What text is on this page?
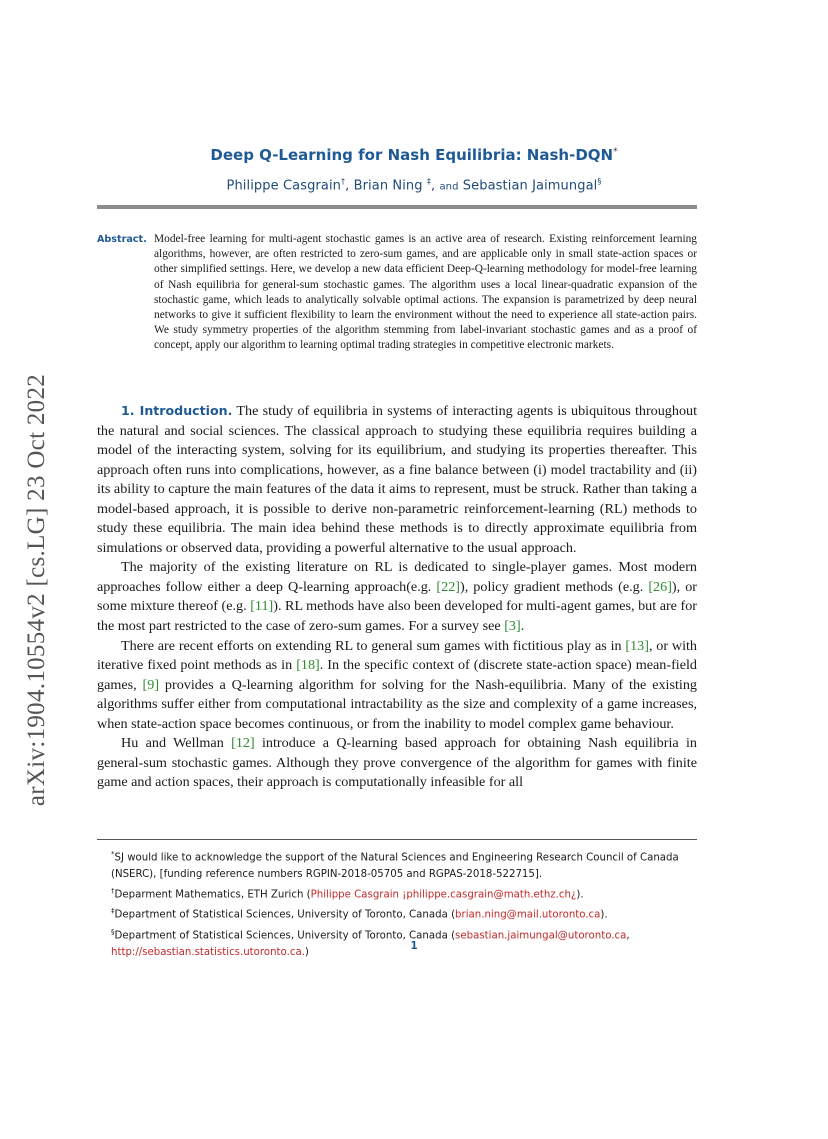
arXiv:1904.10554v2 [cs.LG] 23 Oct 2022
Deep Q-Learning for Nash Equilibria: Nash-DQN*
Philippe Casgrain†, Brian Ning ‡, and Sebastian Jaimungal§
Abstract. Model-free learning for multi-agent stochastic games is an active area of research. Existing reinforcement learning algorithms, however, are often restricted to zero-sum games, and are applicable only in small state-action spaces or other simplified settings. Here, we develop a new data efficient Deep-Q-learning methodology for model-free learning of Nash equilibria for general-sum stochastic games. The algorithm uses a local linear-quadratic expansion of the stochastic game, which leads to analytically solvable optimal actions. The expansion is parametrized by deep neural networks to give it sufficient flexibility to learn the environment without the need to experience all state-action pairs. We study symmetry properties of the algorithm stemming from label-invariant stochastic games and as a proof of concept, apply our algorithm to learning optimal trading strategies in competitive electronic markets.

1. Introduction. The study of equilibria in systems of interacting agents is ubiquitous throughout the natural and social sciences. The classical approach to studying these equilibria requires building a model of the interacting system, solving for its equilibrium, and studying its properties thereafter. This approach often runs into complications, however, as a fine balance between (i) model tractability and (ii) its ability to capture the main features of the data it aims to represent, must be struck. Rather than taking a model-based approach, it is possible to derive non-parametric reinforcement-learning (RL) methods to study these equilibria. The main idea behind these methods is to directly approximate equilibria from simulations or observed data, providing a powerful alternative to the usual approach.

The majority of the existing literature on RL is dedicated to single-player games. Most modern approaches follow either a deep Q-learning approach(e.g. [22]), policy gradient methods (e.g. [26]), or some mixture thereof (e.g. [11]). RL methods have also been developed for multi-agent games, but are for the most part restricted to the case of zero-sum games. For a survey see [3].

There are recent efforts on extending RL to general sum games with fictitious play as in [13], or with iterative fixed point methods as in [18]. In the specific context of (discrete state-action space) mean-field games, [9] provides a Q-learning algorithm for solving for the Nash-equilibria. Many of the existing algorithms suffer either from computational intractability as the size and complexity of a game increases, when state-action space becomes continuous, or from the inability to model complex game behaviour.

Hu and Wellman [12] introduce a Q-learning based approach for obtaining Nash equilibria in general-sum stochastic games. Although they prove convergence of the algorithm for games with finite game and action spaces, their approach is computationally infeasible for all

*SJ would like to acknowledge the support of the Natural Sciences and Engineering Research Council of Canada (NSERC), [funding reference numbers RGPIN-2018-05705 and RGPAS-2018-522715].

†Deparment Mathematics, ETH Zurich (Philippe Casgrain ¡philippe.casgrain@math.ethz.ch¿).

‡Department of Statistical Sciences, University of Toronto, Canada (brian.ning@mail.utoronto.ca).

§Department of Statistical Sciences, University of Toronto, Canada (sebastian.jaimungal@utoronto.ca, http://sebastian.statistics.utoronto.ca.)

1
